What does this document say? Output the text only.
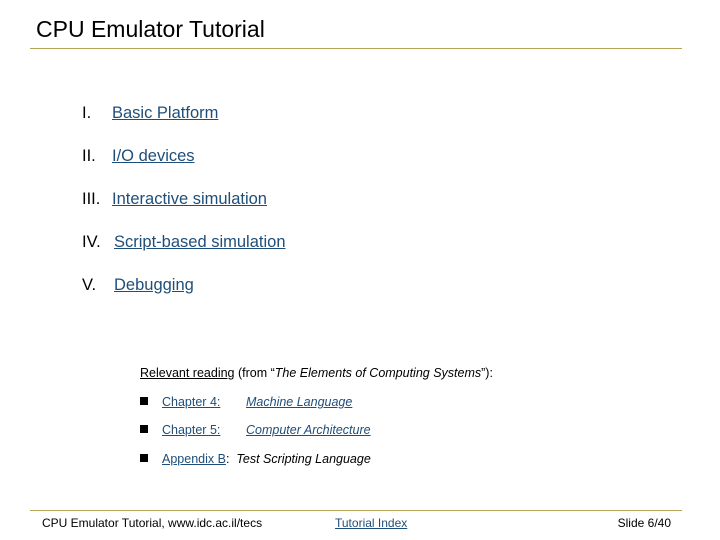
CPU Emulator Tutorial
I. Basic Platform
II. I/O devices
III. Interactive simulation
IV. Script-based simulation
V. Debugging
Relevant reading (from “The Elements of Computing Systems”):
Chapter 4: Machine Language
Chapter 5: Computer Architecture
Appendix B: Test Scripting Language
CPU Emulator Tutorial, www.idc.ac.il/tecs	Tutorial Index	Slide 6/40
